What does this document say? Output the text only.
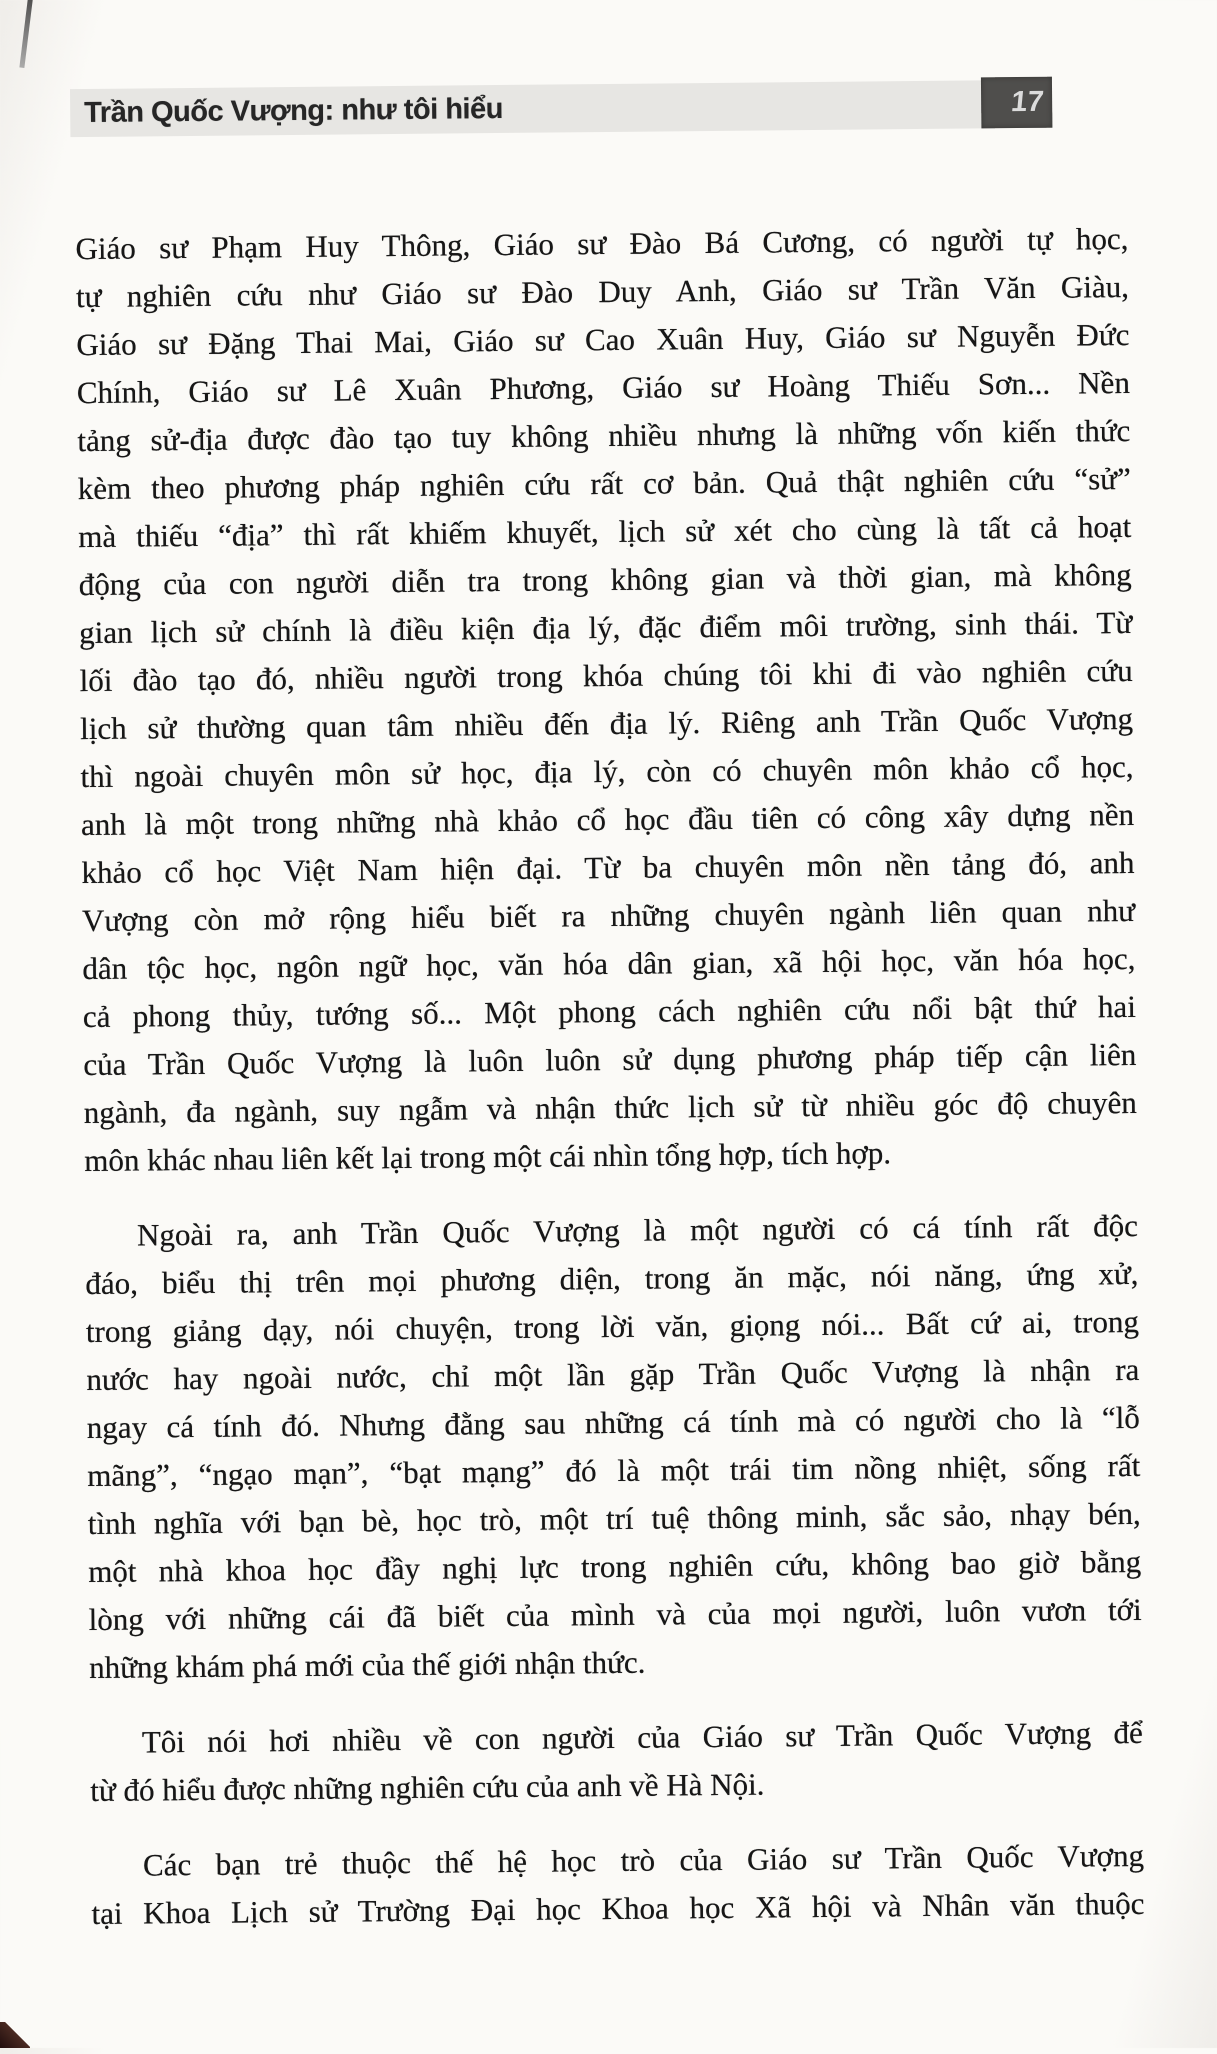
Trần Quốc Vượng: như tôi hiểu	17
Giáo sư Phạm Huy Thông, Giáo sư Đào Bá Cương, có người tự học,
tự nghiên cứu như Giáo sư Đào Duy Anh, Giáo sư Trần Văn Giàu,
Giáo sư Đặng Thai Mai, Giáo sư Cao Xuân Huy, Giáo sư Nguyễn Đức
Chính, Giáo sư Lê Xuân Phương, Giáo sư Hoàng Thiếu Sơn... Nền
tảng sử-địa được đào tạo tuy không nhiều nhưng là những vốn kiến thức
kèm theo phương pháp nghiên cứu rất cơ bản. Quả thật nghiên cứu “sử”
mà thiếu “địa” thì rất khiếm khuyết, lịch sử xét cho cùng là tất cả hoạt
động của con người diễn tra trong không gian và thời gian, mà không
gian lịch sử chính là điều kiện địa lý, đặc điểm môi trường, sinh thái. Từ
lối đào tạo đó, nhiều người trong khóa chúng tôi khi đi vào nghiên cứu
lịch sử thường quan tâm nhiều đến địa lý. Riêng anh Trần Quốc Vượng
thì ngoài chuyên môn sử học, địa lý, còn có chuyên môn khảo cổ học,
anh là một trong những nhà khảo cổ học đầu tiên có công xây dựng nền
khảo cổ học Việt Nam hiện đại. Từ ba chuyên môn nền tảng đó, anh
Vượng còn mở rộng hiểu biết ra những chuyên ngành liên quan như
dân tộc học, ngôn ngữ học, văn hóa dân gian, xã hội học, văn hóa học,
cả phong thủy, tướng số... Một phong cách nghiên cứu nổi bật thứ hai
của Trần Quốc Vượng là luôn luôn sử dụng phương pháp tiếp cận liên
ngành, đa ngành, suy ngẫm và nhận thức lịch sử từ nhiều góc độ chuyên
môn khác nhau liên kết lại trong một cái nhìn tổng hợp, tích hợp.
Ngoài ra, anh Trần Quốc Vượng là một người có cá tính rất độc
đáo, biểu thị trên mọi phương diện, trong ăn mặc, nói năng, ứng xử,
trong giảng dạy, nói chuyện, trong lời văn, giọng nói... Bất cứ ai, trong
nước hay ngoài nước, chỉ một lần gặp Trần Quốc Vượng là nhận ra
ngay cá tính đó. Nhưng đằng sau những cá tính mà có người cho là “lỗ
mãng”, “ngạo mạn”, “bạt mạng” đó là một trái tim nồng nhiệt, sống rất
tình nghĩa với bạn bè, học trò, một trí tuệ thông minh, sắc sảo, nhạy bén,
một nhà khoa học đầy nghị lực trong nghiên cứu, không bao giờ bằng
lòng với những cái đã biết của mình và của mọi người, luôn vươn tới
những khám phá mới của thế giới nhận thức.
Tôi nói hơi nhiều về con người của Giáo sư Trần Quốc Vượng để
từ đó hiểu được những nghiên cứu của anh về Hà Nội.
Các bạn trẻ thuộc thế hệ học trò của Giáo sư Trần Quốc Vượng
tại Khoa Lịch sử Trường Đại học Khoa học Xã hội và Nhân văn thuộc
